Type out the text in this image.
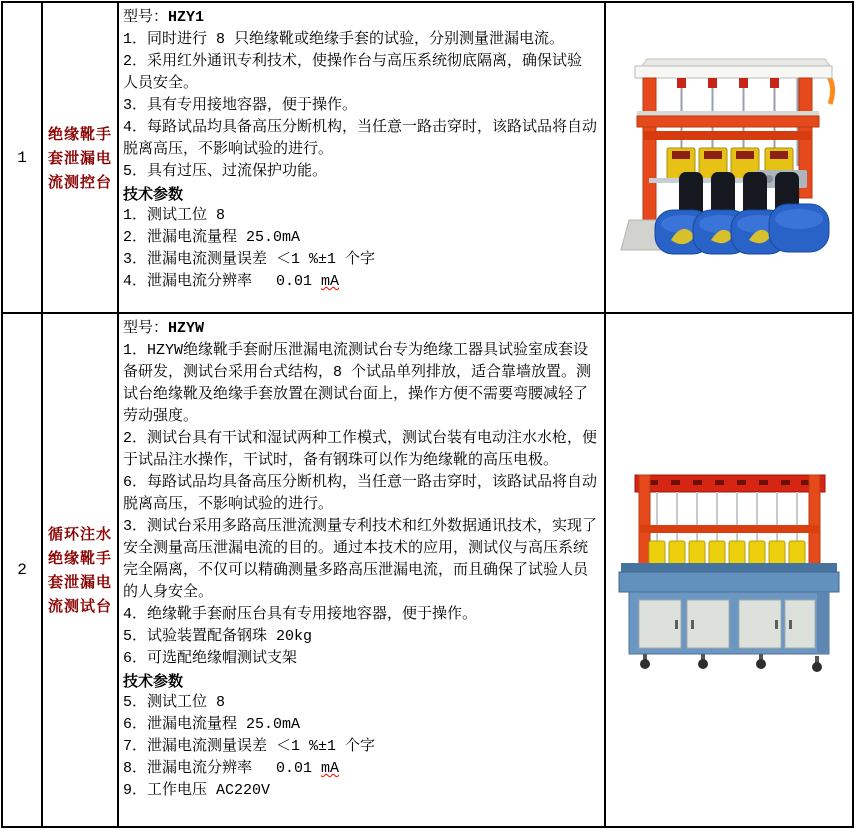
1
绝缘靴手套泄漏电流测控台
型号：HZY1
1．同时进行 8 只绝缘靴或绝缘手套的试验，分别测量泄漏电流。
2．采用红外通讯专利技术，使操作台与高压系统彻底隔离，确保试验 人员安全。
3．具有专用接地容器，便于操作。
4．每路试品均具备高压分断机构，当任意一路击穿时，该路试品将自动脱离高压，不影响试验的进行。
5．具有过压、过流保护功能。
技术参数
1．测试工位 8
2．泄漏电流量程 25.0mA
3．泄漏电流测量误差 ＜1 %±1 个字
4．泄漏电流分辨率　 0.01 mA
2
循环注水绝缘靴手套泄漏电流测试台
型号：HZYW
1．HZYW绝缘靴手套耐压泄漏电流测试台专为绝缘工器具试验室成套设备研发，测试台采用台式结构，8 个试品单列排放，适合靠墙放置。测试台绝缘靴及绝缘手套放置在测试台面上，操作方便不需要弯腰减轻了劳动强度。
2．测试台具有干试和湿试两种工作模式，测试台装有电动注水水枪，便于试品注水操作，干试时，备有钢珠可以作为绝缘靴的高压电极。
6．每路试品均具备高压分断机构，当任意一路击穿时，该路试品将自动脱离高压，不影响试验的进行。
3．测试台采用多路高压泄流测量专利技术和红外数据通讯技术，实现了安全测量高压泄漏电流的目的。通过本技术的应用，测试仪与高压系统完全隔离，不仅可以精确测量多路高压泄漏电流，而且确保了试验人员的人身安全。
4．绝缘靴手套耐压台具有专用接地容器，便于操作。
5．试验装置配备钢珠 20kg
6．可选配绝缘帽测试支架
技术参数
5．测试工位 8
6．泄漏电流量程 25.0mA
7．泄漏电流测量误差 ＜1 %±1 个字
8．泄漏电流分辨率　 0.01 mA
9．工作电压 AC220V
